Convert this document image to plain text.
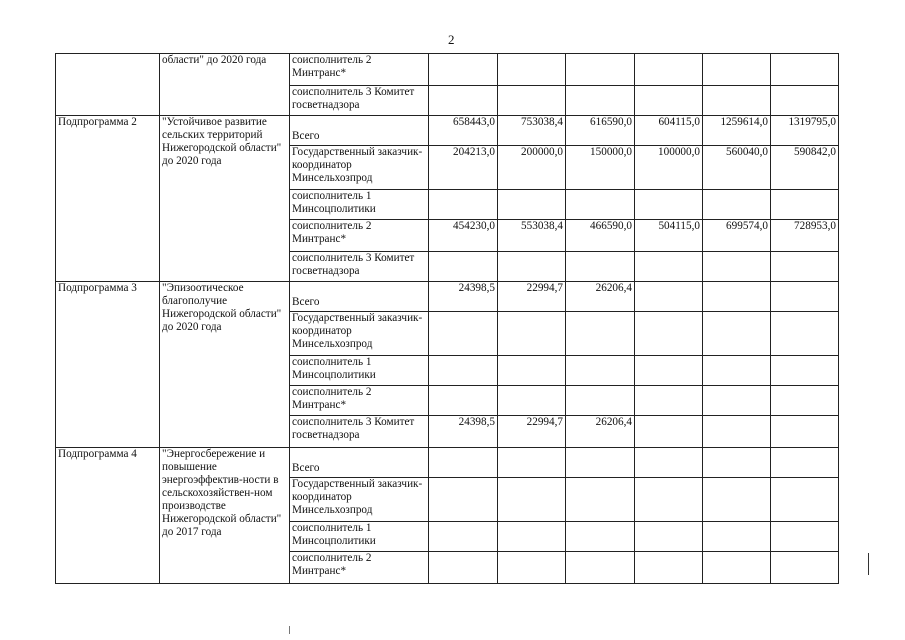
2
	области" до 2020 года	соисполнитель 2 Минтранс*						
		соисполнитель 3 Комитет госветнадзора						
Подпрограмма 2	"Устойчивое развитие сельских территорий Нижегородской области" до 2020 года	Всего	658443,0	753038,4	616590,0	604115,0	1259614,0	1319795,0
		Государственный заказчик-координатор Минсельхозпрод	204213,0	200000,0	150000,0	100000,0	560040,0	590842,0
		соисполнитель 1 Минсоцполитики						
		соисполнитель 2 Минтранс*	454230,0	553038,4	466590,0	504115,0	699574,0	728953,0
		соисполнитель 3 Комитет госветнадзора						
Подпрограмма 3	"Эпизоотическое благополучие Нижегородской области" до 2020 года	Всего	24398,5	22994,7	26206,4			
		Государственный заказчик-координатор Минсельхозпрод						
		соисполнитель 1 Минсоцполитики						
		соисполнитель 2 Минтранс*						
		соисполнитель 3 Комитет госветнадзора	24398,5	22994,7	26206,4			
Подпрограмма 4	"Энергосбережение и повышение энергоэффектив-ности в сельскохозяйствен-ном производстве Нижегородской области" до 2017 года	Всего						

		Государственный заказчик-координатор Минсельхозпрод						
		соисполнитель 1 Минсоцполитики						
		соисполнитель 2 Минтранс*						
